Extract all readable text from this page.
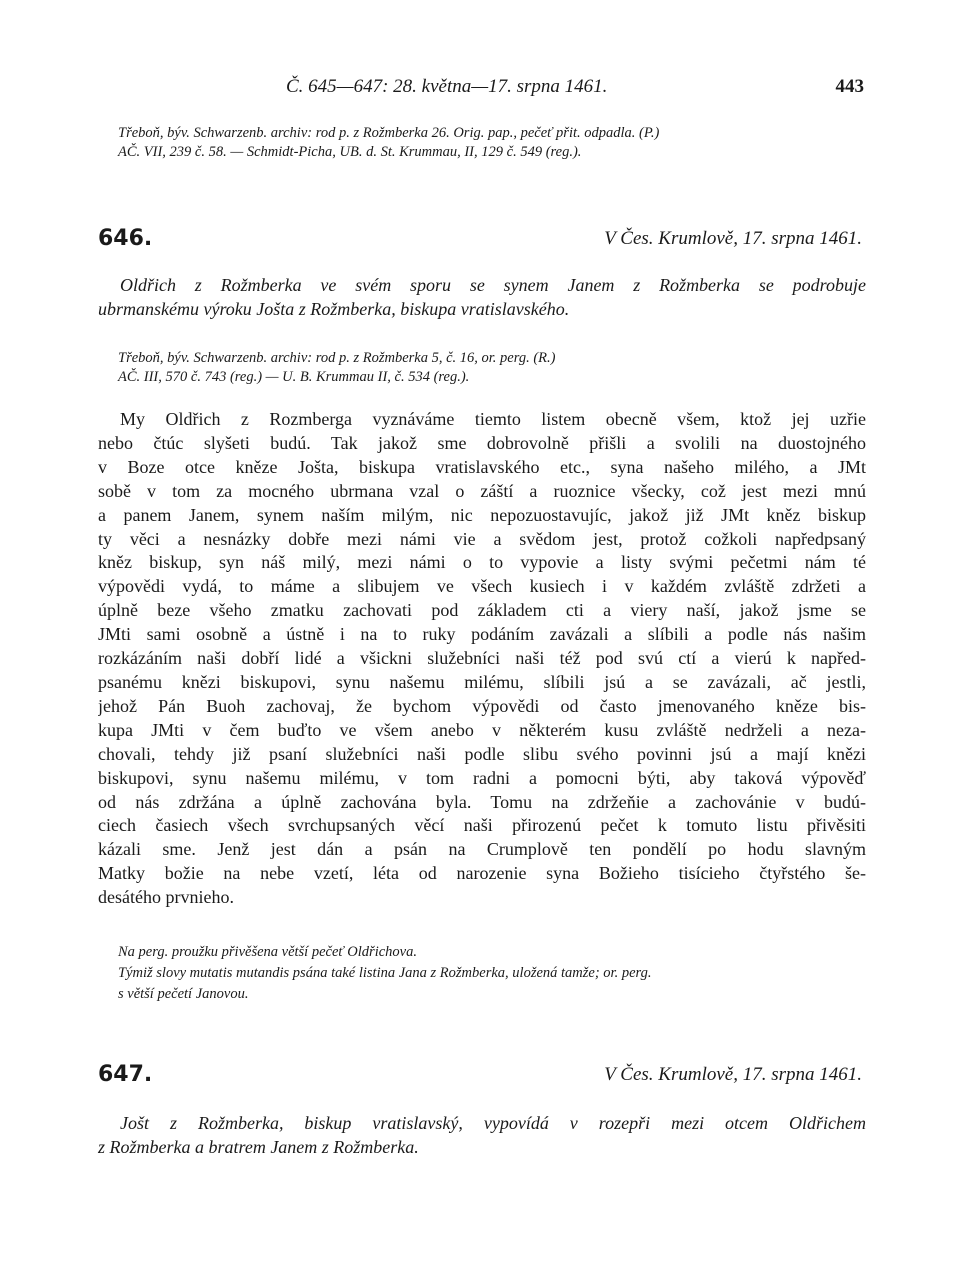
Č. 645—647: 28. května—17. srpna 1461.	443
Třeboň, býv. Schwarzenb. archiv: rod p. z Rožmberka 26. Orig. pap., pečeť přit. odpadla. (P.)
AČ. VII, 239 č. 58. — Schmidt-Picha, UB. d. St. Krummau, II, 129 č. 549 (reg.).
646.	V Čes. Krumlově, 17. srpna 1461.
Oldřich z Rožmberka ve svém sporu se synem Janem z Rožmberka se podrobuje
ubrmanskému výroku Jošta z Rožmberka, biskupa vratislavského.
Třeboň, býv. Schwarzenb. archiv: rod p. z Rožmberka 5, č. 16, or. perg. (R.)
AČ. III, 570 č. 743 (reg.) — U. B. Krummau II, č. 534 (reg.).
My Oldřich z Rozmberga vyznáváme tiemto listem obecně všem, ktož jej uzřie
nebo čtúc slyšeti budú. Tak jakož sme dobrovolně přišli a svolili na duostojného
v Boze otce kněze Jošta, biskupa vratislavského etc., syna našeho milého, a JMt
sobě v tom za mocného ubrmana vzal o záští a ruoznice všecky, což jest mezi mnú
a panem Janem, synem naším milým, nic nepozuostavujíc, jakož již JMt kněz biskup
ty věci a nesnázky dobře mezi námi vie a svědom jest, protož cožkoli napředpsaný
kněz biskup, syn náš milý, mezi námi o to vypovie a listy svými pečetmi nám té
výpovědi vydá, to máme a slibujem ve všech kusiech i v každém zvláště zdržeti a
úplně beze všeho zmatku zachovati pod základem cti a viery naší, jakož jsme se
JMti sami osobně a ústně i na to ruky podáním zavázali a slíbili a podle nás našim
rozkázáním naši dobří lidé a všickni služebníci naši též pod svú ctí a vierú k napřed-
psanému knězi biskupovi, synu našemu milému, slíbili jsú a se zavázali, ač jestli,
jehož Pán Buoh zachovaj, že bychom výpovědi od často jmenovaného kněze bis-
kupa JMti v čem buďto ve všem anebo v některém kusu zvláště nedrželi a neza-
chovali, tehdy již psaní služebníci naši podle slibu svého povinni jsú a mají knězi
biskupovi, synu našemu milému, v tom radni a pomocni býti, aby taková výpověď
od nás zdržána a úplně zachována byla. Tomu na zdržeňie a zachovánie v budú-
ciech časiech všech svrchupsaných věcí naši přirozenú pečet k tomuto listu přivěsiti
kázali sme. Jenž jest dán a psán na Crumplově ten pondělí po hodu slavným
Matky božie na nebe vzetí, léta od narozenie syna Božieho tisícieho čtyřstého še-
desátého prvnieho.
Na perg. proužku přivěšena větší pečeť Oldřichova.
Týmiž slovy mutatis mutandis psána také listina Jana z Rožmberka, uložená tamže; or. perg.
s větší pečetí Janovou.
647.	V Čes. Krumlově, 17. srpna 1461.
Jošt z Rožmberka, biskup vratislavský, vypovídá v rozepři mezi otcem Oldřichem
z Rožmberka a bratrem Janem z Rožmberka.
